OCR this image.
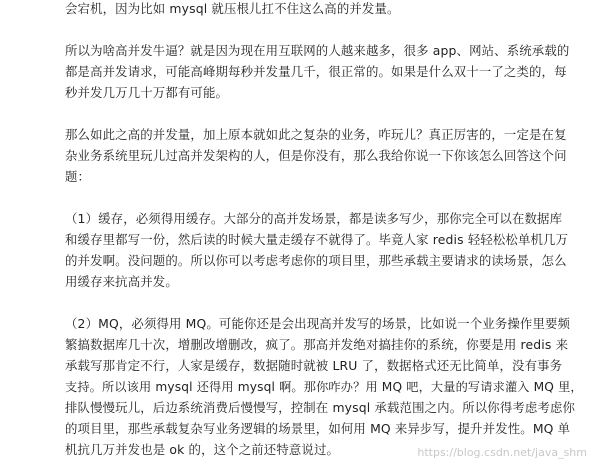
会宕机，因为比如 mysql 就压根儿扛不住这么高的并发量。
所以为啥高并发牛逼？就是因为现在用互联网的人越来越多，很多 app、网站、系统承载的
都是高并发请求，可能高峰期每秒并发量几千，很正常的。如果是什么双十一了之类的，每
秒并发几万几十万都有可能。
那么如此之高的并发量，加上原本就如此之复杂的业务，咋玩儿？真正厉害的，一定是在复
杂业务系统里玩儿过高并发架构的人，但是你没有，那么我给你说一下你该怎么回答这个问
题：
（1）缓存，必须得用缓存。大部分的高并发场景，都是读多写少，那你完全可以在数据库
和缓存里都写一份，然后读的时候大量走缓存不就得了。毕竟人家 redis 轻轻松松单机几万
的并发啊。没问题的。所以你可以考虑考虑你的项目里，那些承载主要请求的读场景，怎么
用缓存来抗高并发。
（2）MQ，必须得用 MQ。可能你还是会出现高并发写的场景，比如说一个业务操作里要频
繁搞数据库几十次，增删改增删改，疯了。那高并发绝对搞挂你的系统，你要是用 redis 来
承载写那肯定不行，人家是缓存，数据随时就被 LRU 了，数据格式还无比简单，没有事务
支持。所以该用 mysql 还得用 mysql 啊。那你咋办？用 MQ 吧，大量的写请求灌入 MQ 里，
排队慢慢玩儿，后边系统消费后慢慢写，控制在 mysql 承载范围之内。所以你得考虑考虑你
的项目里，那些承载复杂写业务逻辑的场景里，如何用 MQ 来异步写，提升并发性。MQ 单
机抗几万并发也是 ok 的，这个之前还特意说过。	https://blog.csdn.net/java_shm
